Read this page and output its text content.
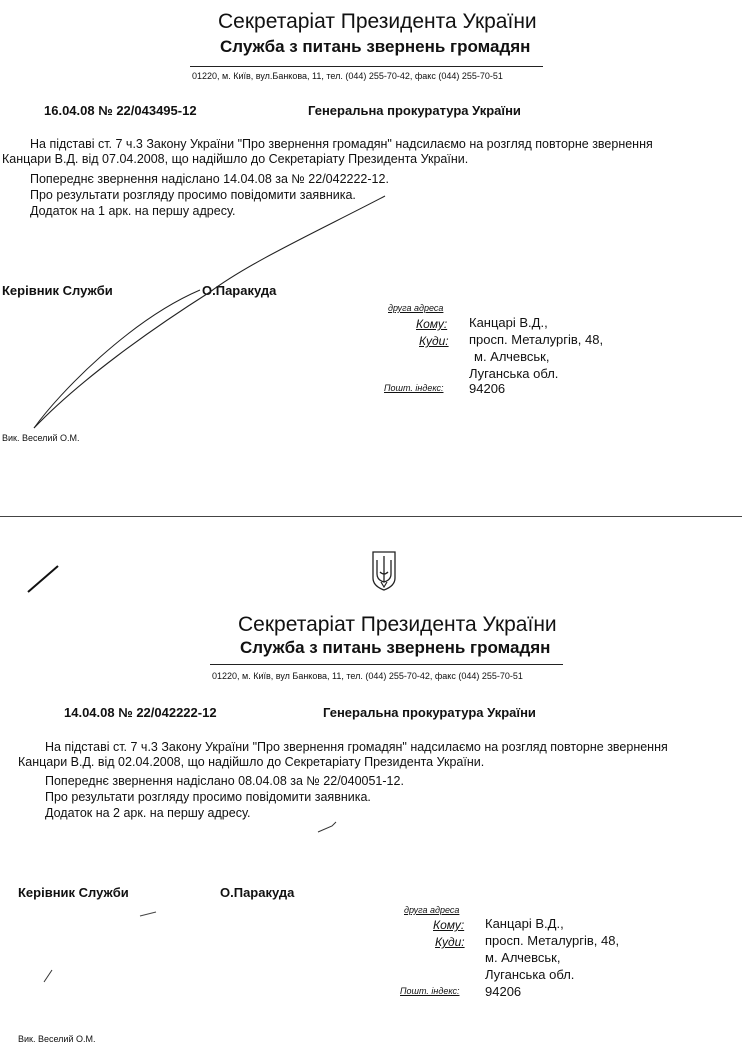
Секретаріат Президента України
Служба з питань звернень громадян
01220, м. Київ, вул.Банкова, 11, тел. (044) 255-70-42, факс (044) 255-70-51
16.04.08 № 22/043495-12	Генеральна прокуратура України
На підставі ст. 7 ч.3 Закону України "Про звернення громадян" надсилаємо на розгляд повторне звернення
Канцари В.Д. від 07.04.2008, що надійшло до Секретаріату Президента України.
Попереднє звернення надіслано 14.04.08 за № 22/042222-12.
Про результати розгляду просимо повідомити заявника.
Додаток на 1 арк. на першу адресу.
Керівник Служби	О.Паракуда
друга адреса
Кому: Канцарі В.Д.,
Куди: просп. Металургів, 48,
м. Алчевськ,
Луганська обл.
Пошт. індекс: 94206
Вик. Веселий О.М.
Секретаріат Президента України
Служба з питань звернень громадян
01220, м. Київ, вул Банкова, 11, тел. (044) 255-70-42, факс (044) 255-70-51
14.04.08 № 22/042222-12	Генеральна прокуратура України
На підставі ст. 7 ч.3 Закону України "Про звернення громадян" надсилаємо на розгляд повторне звернення
Канцари В.Д. від 02.04.2008, що надійшло до Секретаріату Президента України.
Попереднє звернення надіслано 08.04.08 за № 22/040051-12.
Про результати розгляду просимо повідомити заявника.
Додаток на 2 арк. на першу адресу.
Керівник Служби	О.Паракуда
друга адреса
Кому: Канцарі В.Д.,
Куди: просп. Металургів, 48,
м. Алчевськ,
Луганська обл.
Пошт. індекс: 94206
Вик. Веселий О.М.
